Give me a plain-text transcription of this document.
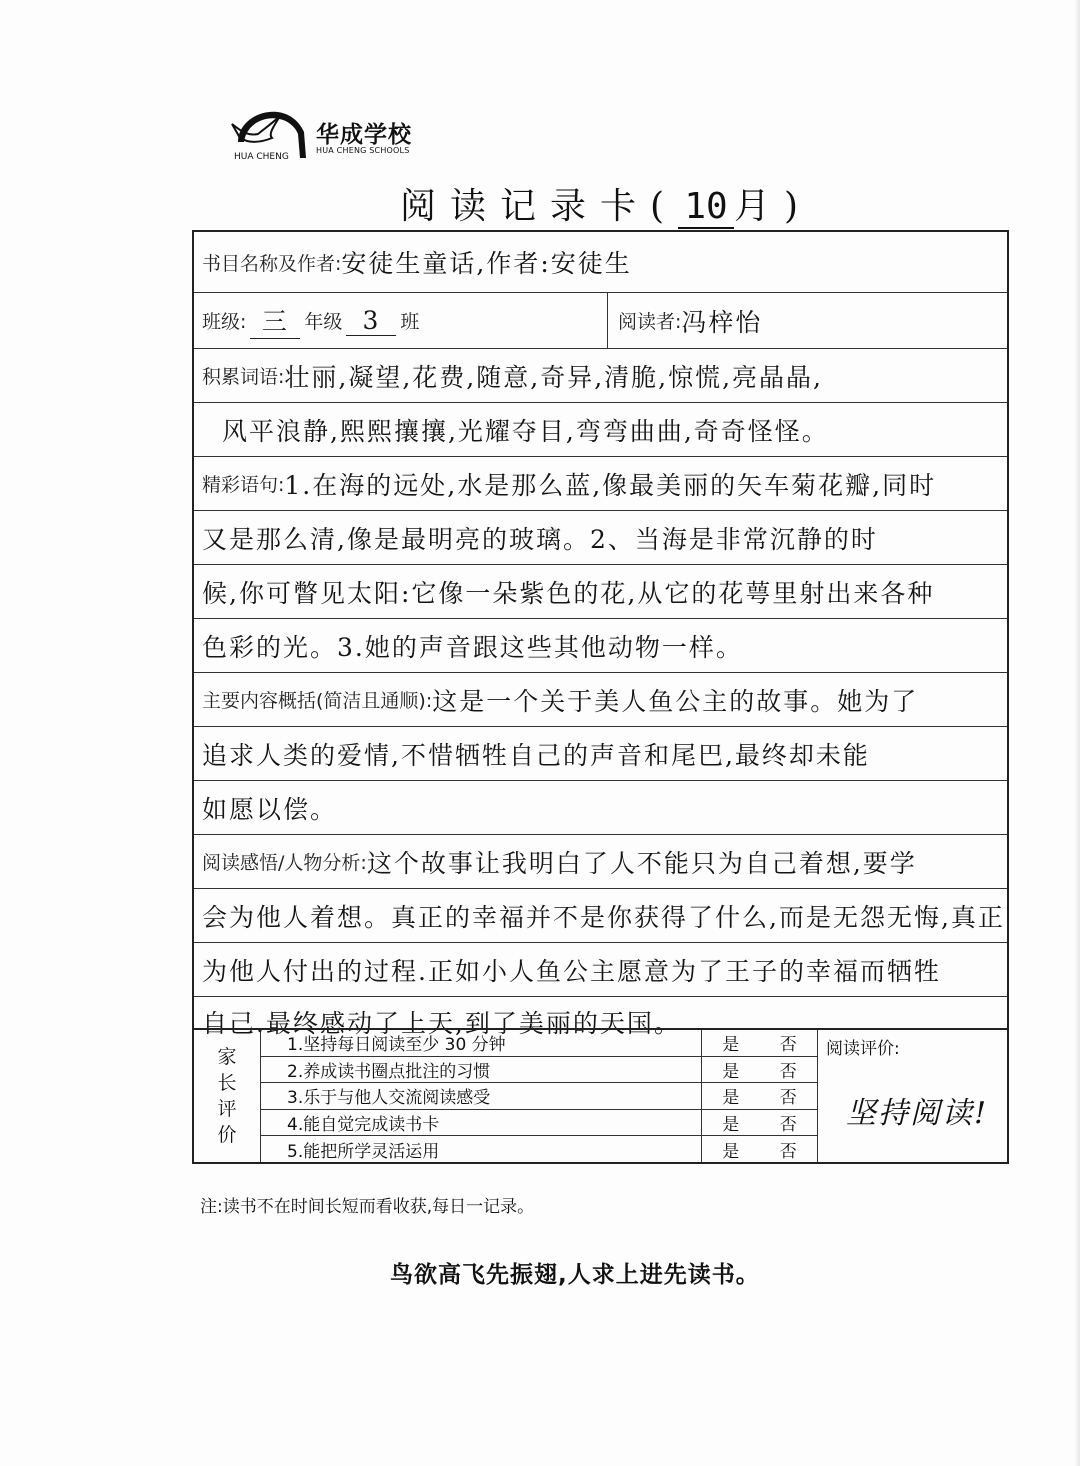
HUA CHENG
华成学校
HUA CHENG SCHOOLS
阅读记录卡( 10 月)
书目名称及作者: 安徒生童话,作者:安徒生
班级: 三 年级 3	班	阅读者: 冯梓怡
积累词语: 壮丽,凝望,花费,随意,奇异,清脆,惊慌,亮晶晶,
风平浪静,熙熙攘攘,光耀夺目,弯弯曲曲,奇奇怪怪。
精彩语句: 1.在海的远处,水是那么蓝,像最美丽的矢车菊花瓣,同时
又是那么清,像是最明亮的玻璃。2、当海是非常沉静的时
候,你可瞥见太阳:它像一朵紫色的花,从它的花萼里射出来各种
色彩的光。3.她的声音跟这些其他动物一样。
主要内容概括(简洁且通顺): 这是一个关于美人鱼公主的故事。她为了
追求人类的爱情,不惜牺牲自己的声音和尾巴,最终却未能
如愿以偿。
阅读感悟/人物分析: 这个故事让我明白了人不能只为自己着想,要学
会为他人着想。真正的幸福并不是你获得了什么,而是无怨无悔,真正
为他人付出的过程.正如小人鱼公主愿意为了王子的幸福而牺牲
自己.最终感动了上天,到了美丽的天国。
家
长
评
价
1.坚持每日阅读至少 30 分钟
2.养成读书圈点批注的习惯
3.乐于与他人交流阅读感受
4.能自觉完成读书卡
5.能把所学灵活运用
是 否
是 否
是 否
是 否
是 否
阅读评价:
坚持阅读!
注:读书不在时间长短而看收获,每日一记录。
鸟欲高飞先振翅,人求上进先读书。
